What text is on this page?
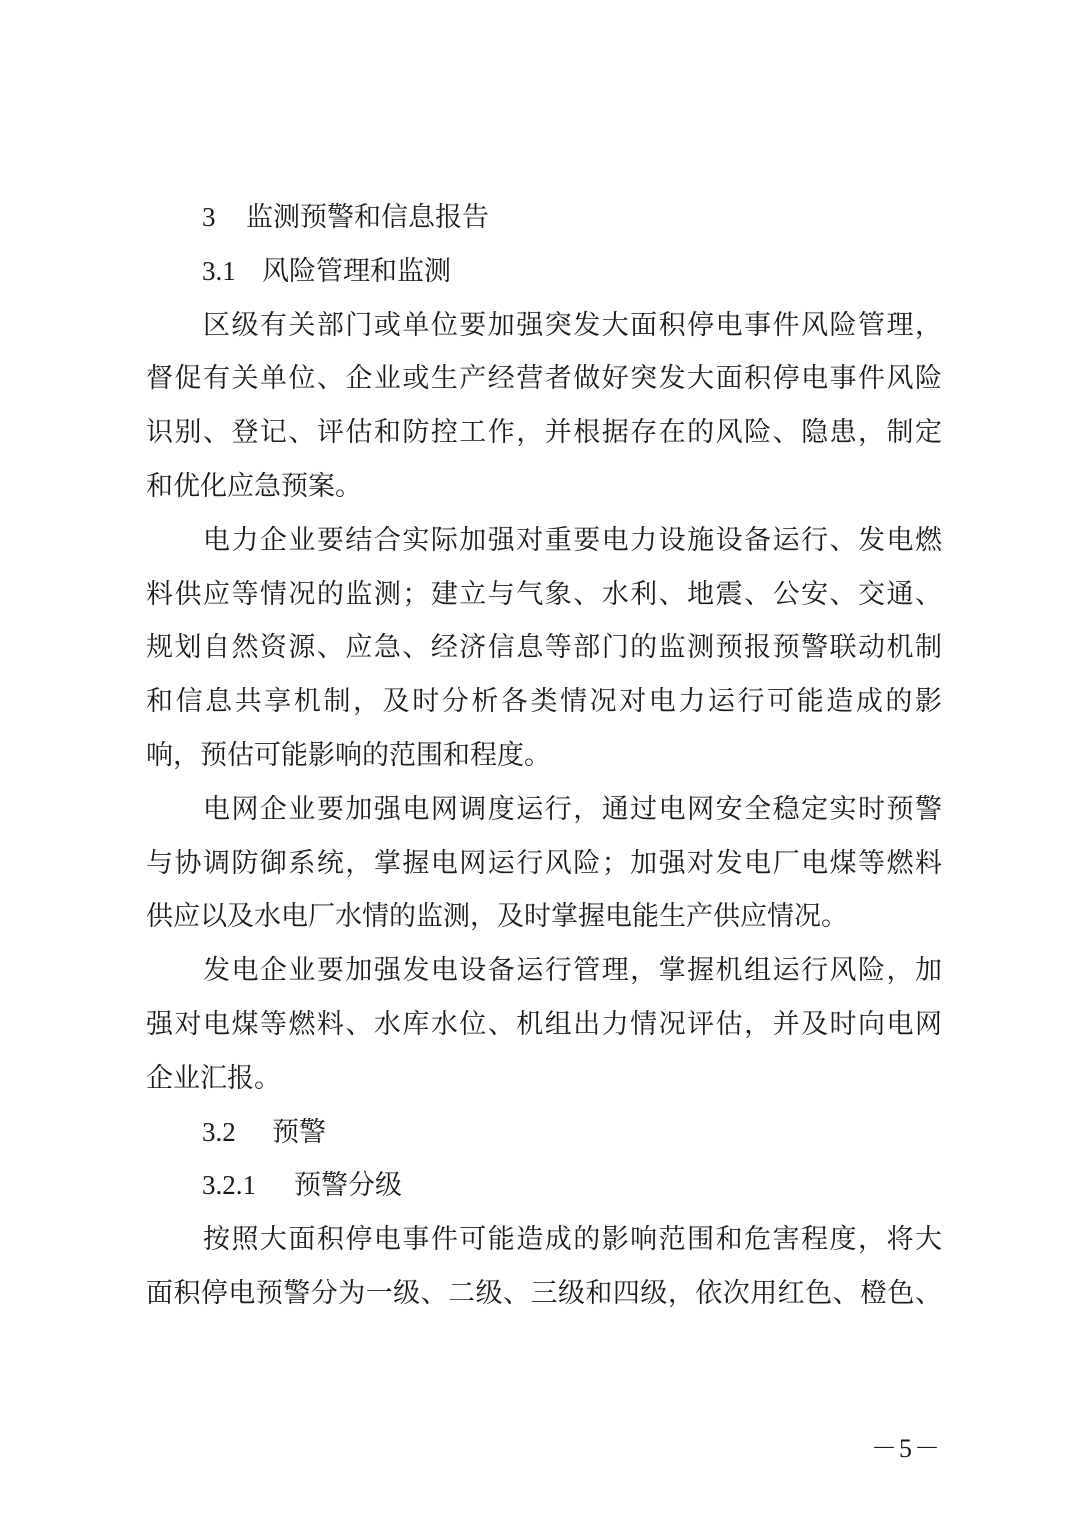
3 监测预警和信息报告
3.1 风险管理和监测
　　区级有关部门或单位要加强突发大面积停电事件风险管理，
督促有关单位、企业或生产经营者做好突发大面积停电事件风险
识别、登记、评估和防控工作，并根据存在的风险、隐患，制定
和优化应急预案。
　　电力企业要结合实际加强对重要电力设施设备运行、发电燃
料供应等情况的监测；建立与气象、水利、地震、公安、交通、
规划自然资源、应急、经济信息等部门的监测预报预警联动机制
和信息共享机制，及时分析各类情况对电力运行可能造成的影
响，预估可能影响的范围和程度。
　　电网企业要加强电网调度运行，通过电网安全稳定实时预警
与协调防御系统，掌握电网运行风险；加强对发电厂电煤等燃料
供应以及水电厂水情的监测，及时掌握电能生产供应情况。
　　发电企业要加强发电设备运行管理，掌握机组运行风险，加
强对电煤等燃料、水库水位、机组出力情况评估，并及时向电网
企业汇报。
3.2 预警
3.2.1 预警分级
　　按照大面积停电事件可能造成的影响范围和危害程度，将大
面积停电预警分为一级、二级、三级和四级，依次用红色、橙色、
－5－
